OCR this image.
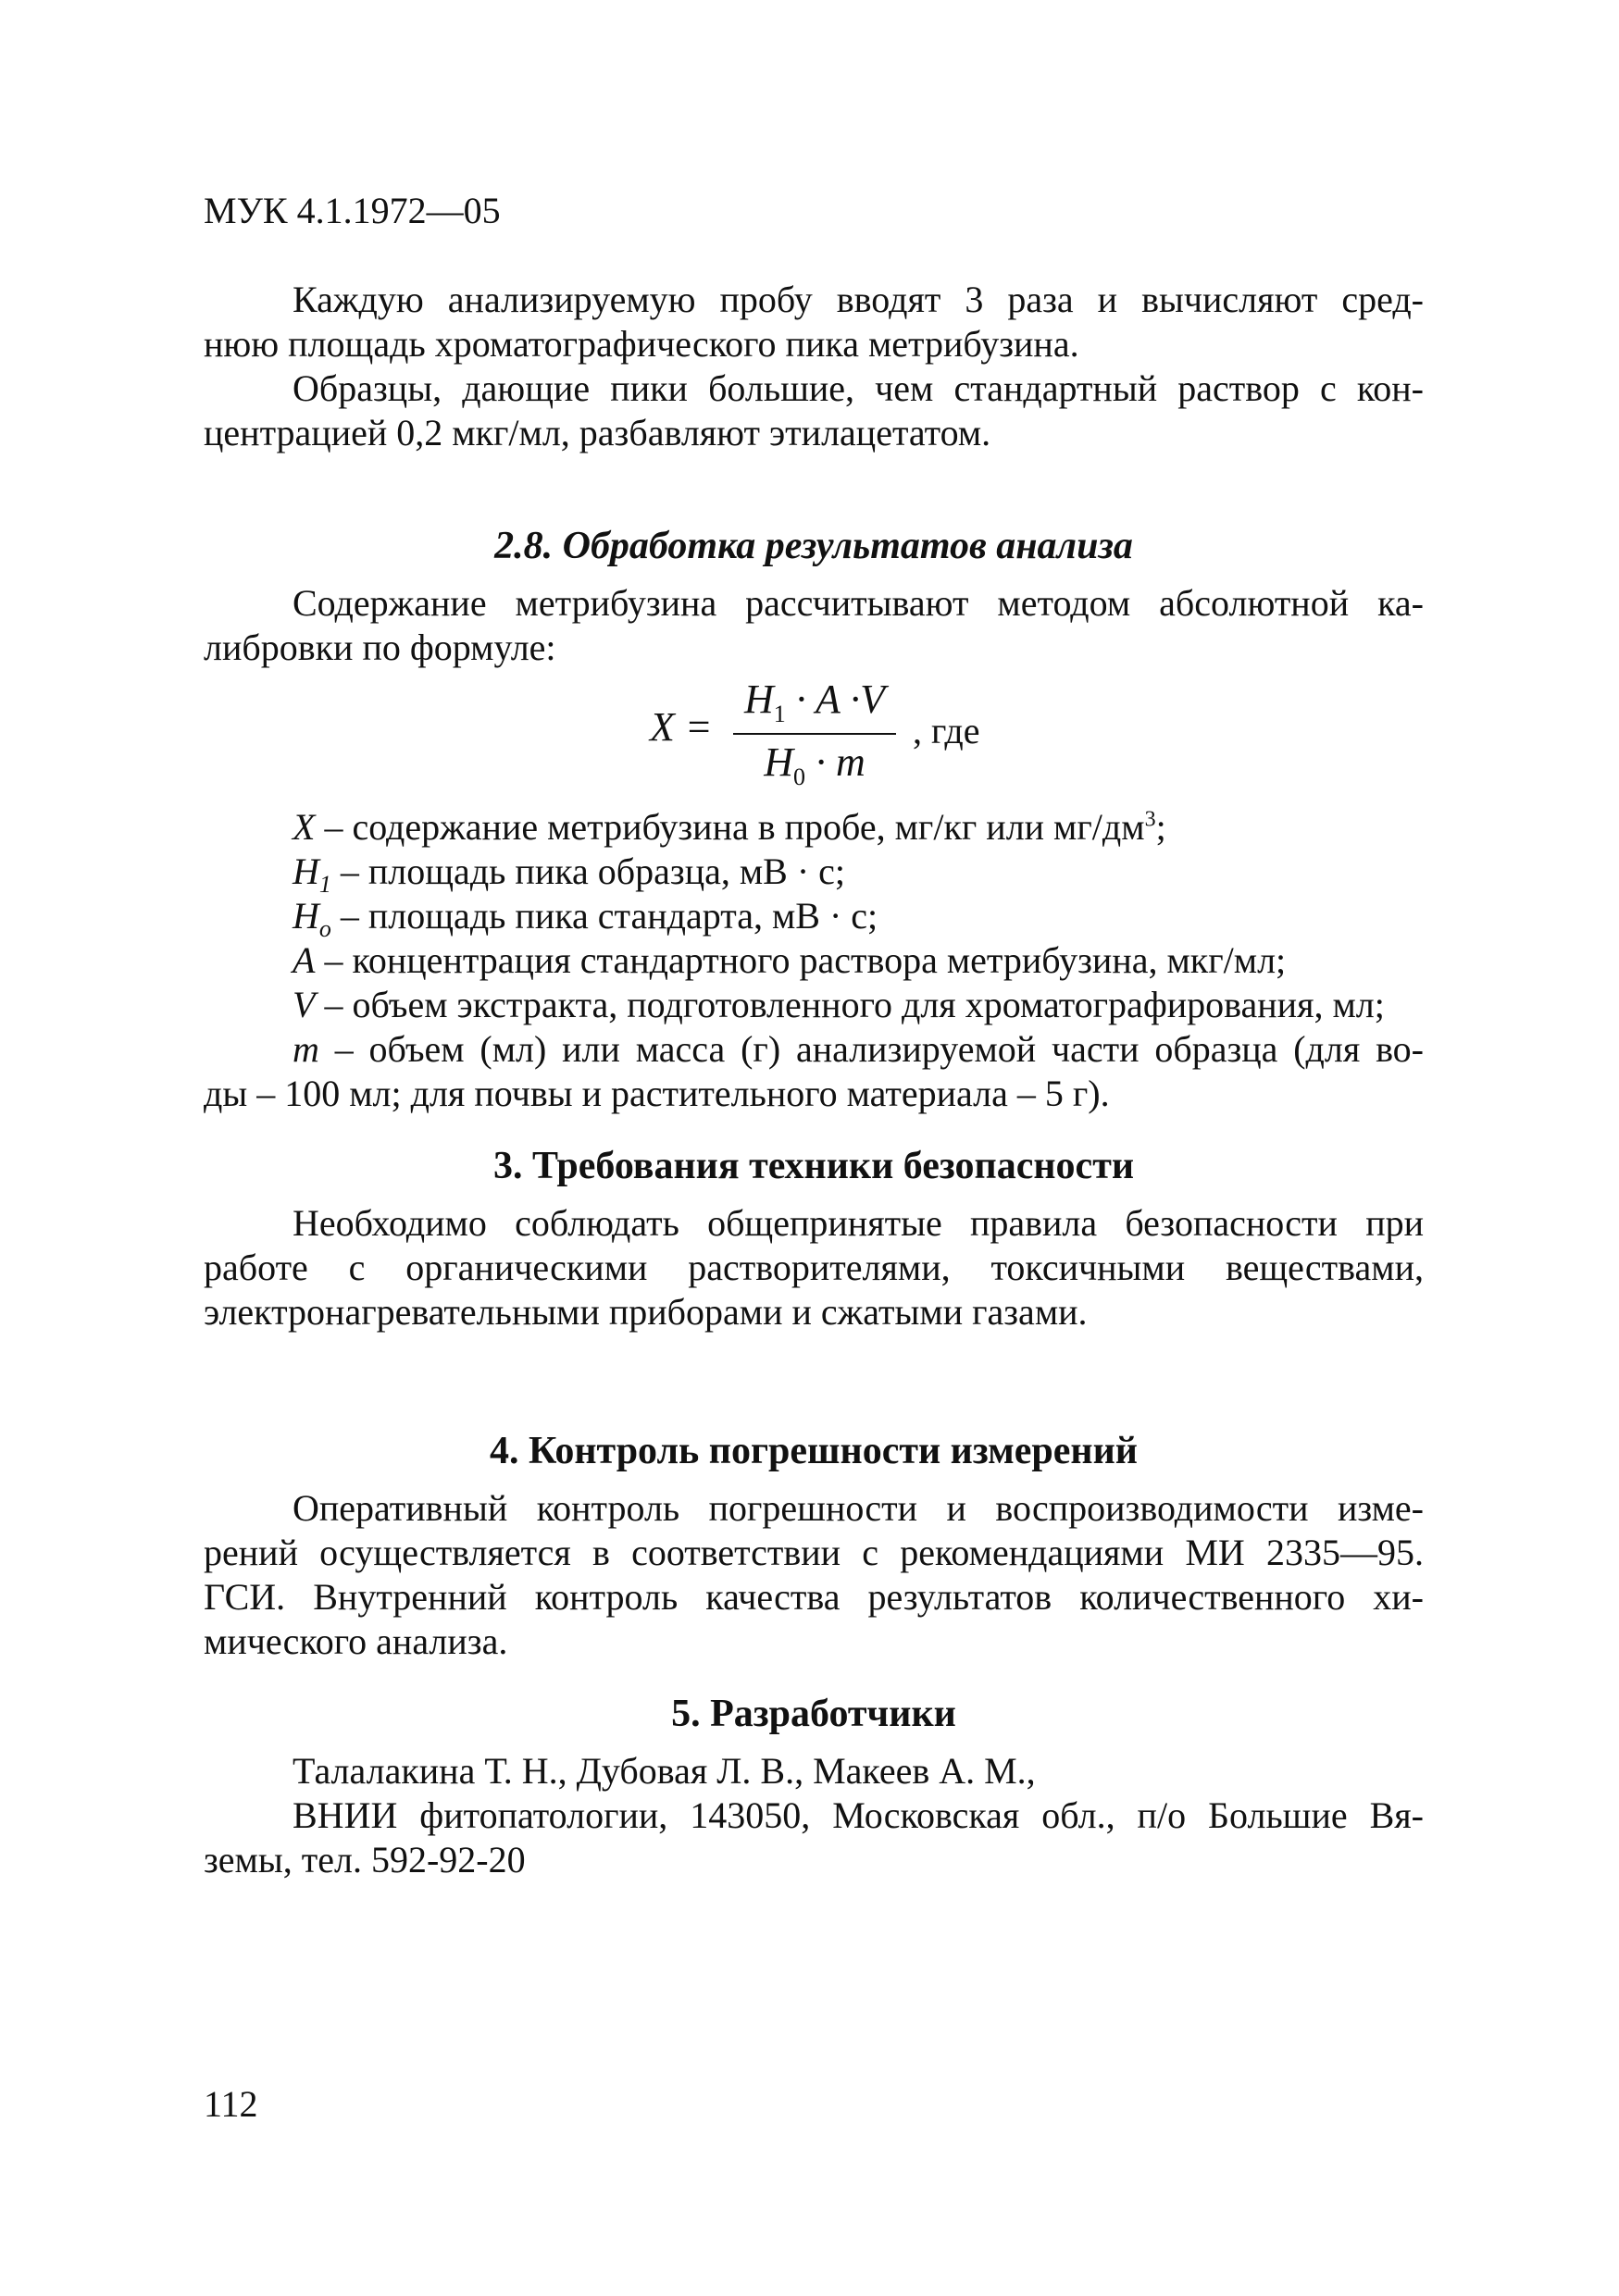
МУК 4.1.1972—05
Каждую анализируемую пробу вводят 3 раза и вычисляют сред-
нюю площадь хроматографического пика метрибузина.
Образцы, дающие пики большие, чем стандартный раствор с кон-
центрацией 0,2 мкг/мл, разбавляют этилацетатом.
2.8. Обработка результатов анализа
Содержание метрибузина рассчитывают методом абсолютной ка-
либровки по формуле:
X =
$H_1 \cdot A \cdot V$
$H_0 \cdot m$
, где
X – содержание метрибузина в пробе, мг/кг или $мг/дм^3$;
$H_1$ – площадь пика образца, мВ · с;
$H_o$ – площадь пика стандарта, мВ · с;
A – концентрация стандартного раствора метрибузина, мкг/мл;
V – объем экстракта, подготовленного для хроматографирования, мл;
m – объем (мл) или масса (г) анализируемой части образца (для во-
ды – 100 мл; для почвы и растительного материала – 5 г).
3. Требования техники безопасности
Необходимо соблюдать общепринятые правила безопасности при
работе с органическими растворителями, токсичными веществами,
электронагревательными приборами и сжатыми газами.
4. Контроль погрешности измерений
Оперативный контроль погрешности и воспроизводимости изме-
рений осуществляется в соответствии с рекомендациями МИ 2335—95.
ГСИ. Внутренний контроль качества результатов количественного хи-
мического анализа.
5. Разработчики
Талалакина Т. Н., Дубовая Л. В., Макеев А. М.,
ВНИИ фитопатологии, 143050, Московская обл., п/о Большие Вя-
земы, тел. 592-92-20
112
